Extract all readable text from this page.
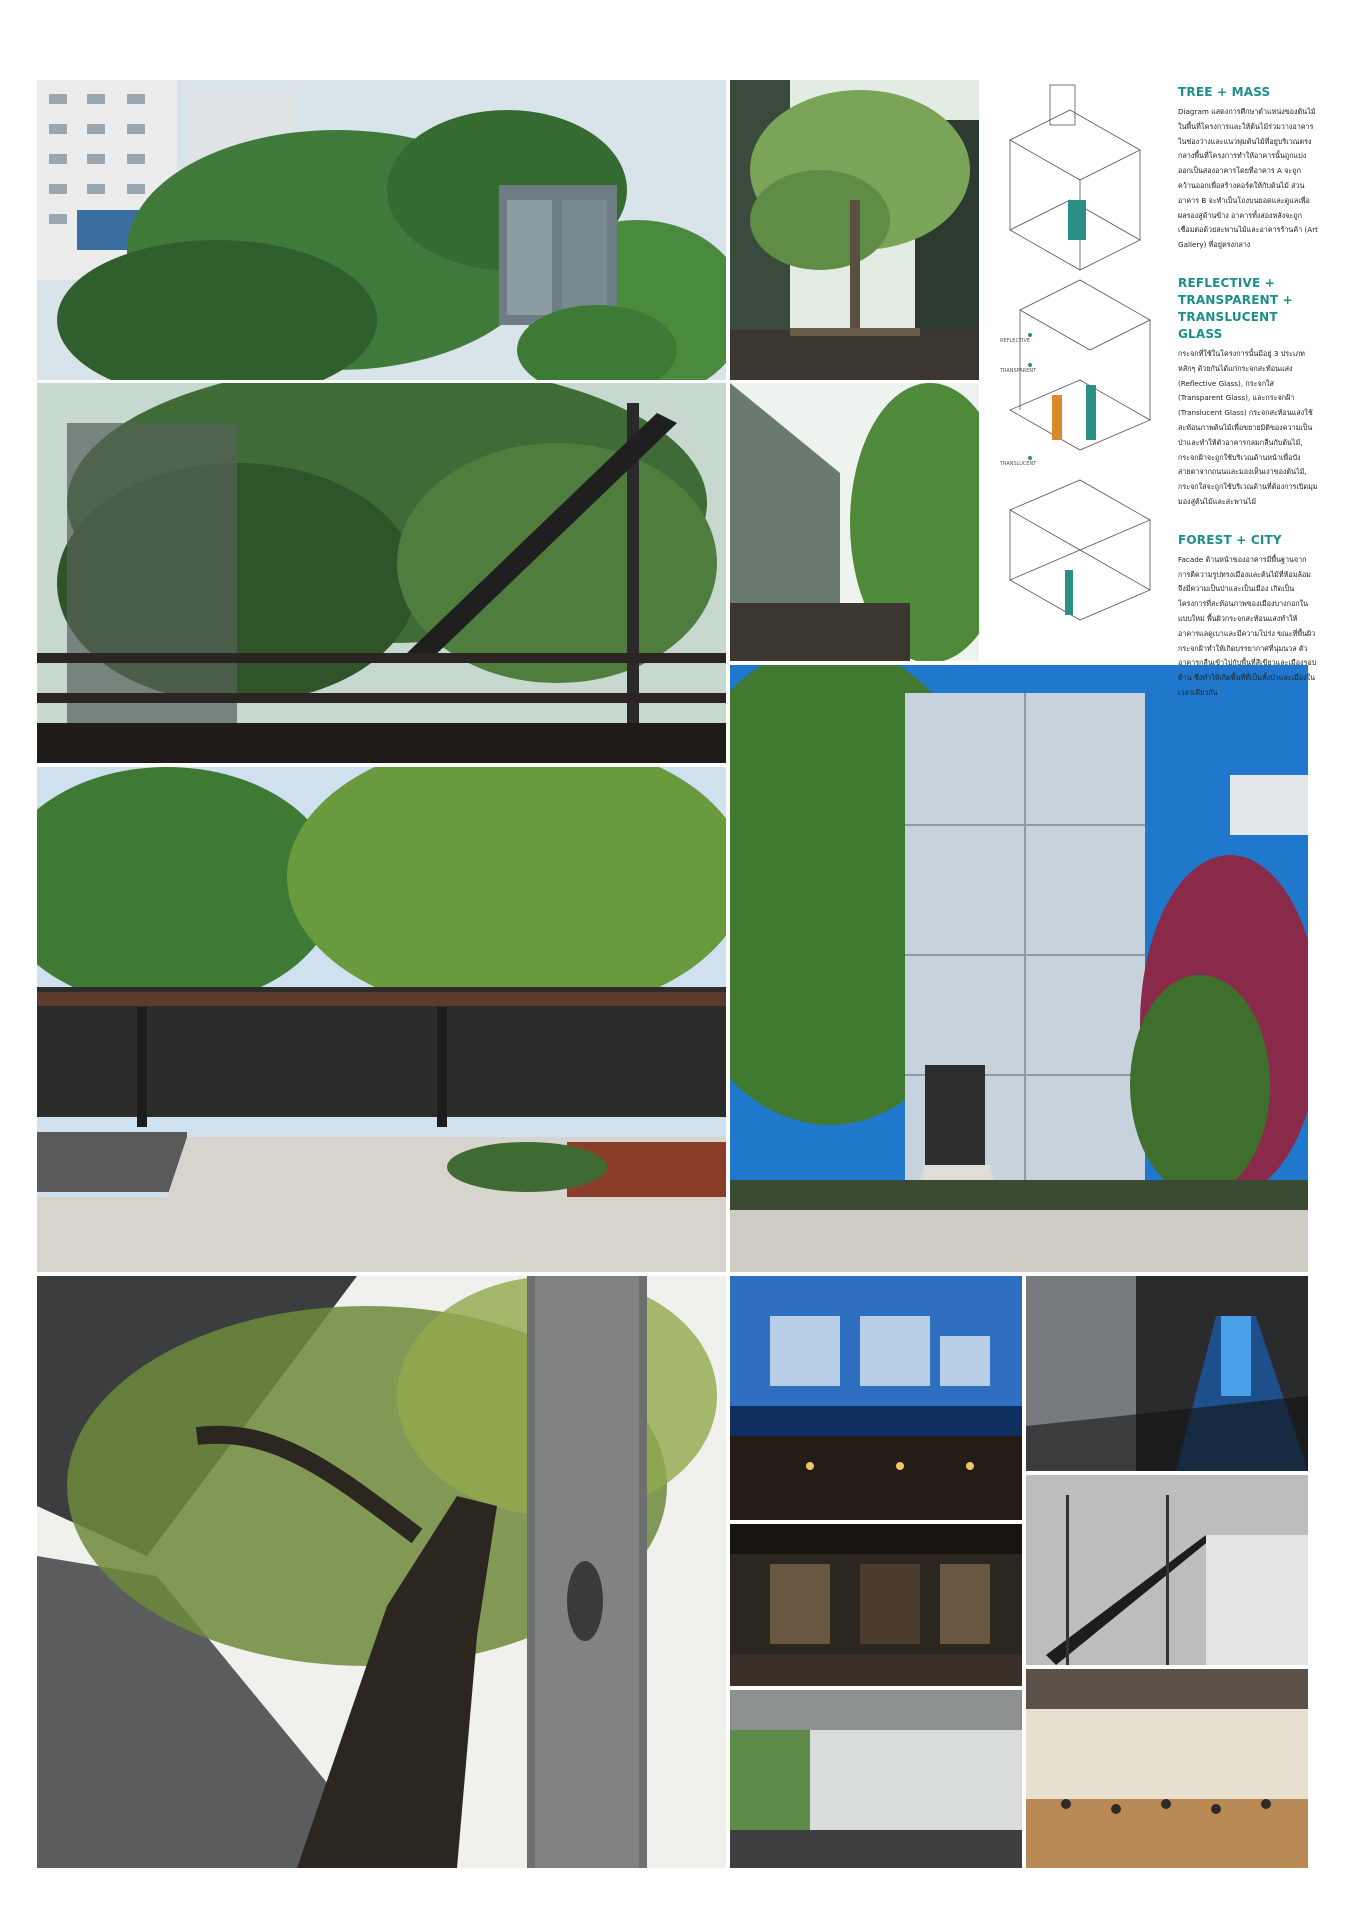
REFLECTIVE
TRANSPARENT
TRANSLUCENT
TREE + MASS

Diagram แสดงการศึกษาตำแหน่งของต้นไม้ในพื้นที่โครงการและให้ต้นไม้ร่วมวางอาคารในช่องว่างและแนวพุ่มต้นไม้ที่อยู่บริเวณตรงกลางพื้นที่โครงการทำให้อาคารนั้นถูกแบ่งออกเป็นสองอาคารโดยที่อาคาร A จะถูกคว้านออกเพื่อสร้างคอร์ตให้กับต้นไม้ ส่วนอาคาร B จะทำเป็นโถงบนยอดและดูแลเพื่อผลรองสู่ด้านข้าง อาคารทั้งสองหลังจะถูกเชื่อมต่อด้วยสะพานไม้และอาคารร้านค้า (Art Gallery) ที่อยู่ตรงกลาง

REFLECTIVE + TRANSPARENT + TRANSLUCENT GLASS

กระจกที่ใช้ในโครงการนั้นมีอยู่ 3 ประเภทหลักๆ ด้วยกันได้แก่กระจกสะท้อนแสง (Reflective Glass), กระจกใส (Transparent Glass), และกระจกฝ้า (Translucent Glass) กระจกสะท้อนแสงใช้สะท้อนภาพต้นไม้เพื่อขยายมิติของความเป็นป่าและทำให้ตัวอาคารกลมกลืนกับต้นไม้, กระจกฝ้าจะถูกใช้บริเวณด้านหน้าเพื่อบังสายตาจากถนนและมองเห็นเงาของต้นไม้, กระจกใสจะถูกใช้บริเวณด้านที่ต้องการเปิดมุมมองสู่ต้นไม้และสะพานไม้

FOREST + CITY

Facade ด้านหน้าของอาคารมีพื้นฐานจากการตีความรูปทรงเมืองและต้นไม้ที่ห้อมล้อมจึงมีความเป็นป่าและเป็นเมือง เกิดเป็นโครงการที่สะท้อนภาพของเมืองบางกอกในแบบใหม่ พื้นผิวกระจกสะท้อนแสงทำให้อาคารแลดูเบาและมีความโปร่ง ขณะที่พื้นผิวกระจกฝ้าทำให้เกิดบรรยากาศที่นุ่มนวล ตัวอาคารกลืนเข้าไปกับพื้นที่สีเขียวและเมืองรอบด้าน ซึ่งทำให้เกิดพื้นที่ที่เป็นทั้งป่าและเมืองในเวลาเดียวกัน
